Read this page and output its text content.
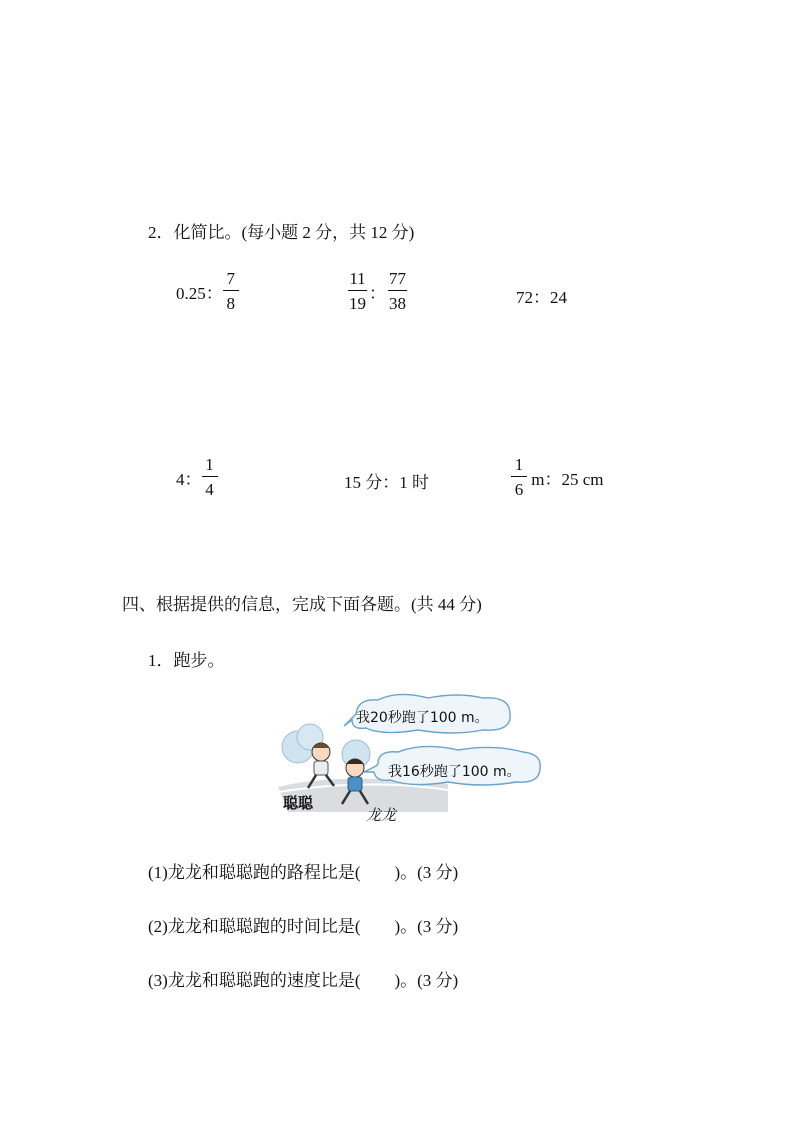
2．化简比。(每小题 2 分，共 12 分)
0.25： $\frac{7}{8}$	$\frac{11}{19}$ ： $\frac{77}{38}$	72：24
4： $\frac{1}{4}$	15 分：1 时	$\frac{1}{6}$ m：25 cm
四、根据提供的信息，完成下面各题。(共 44 分)
1．跑步。
我20秒跑了100 m。
我16秒跑了100 m。
聪聪
龙龙
(1)龙龙和聪聪跑的路程比是(　　)。(3 分)
(2)龙龙和聪聪跑的时间比是(　　)。(3 分)
(3)龙龙和聪聪跑的速度比是(　　)。(3 分)
